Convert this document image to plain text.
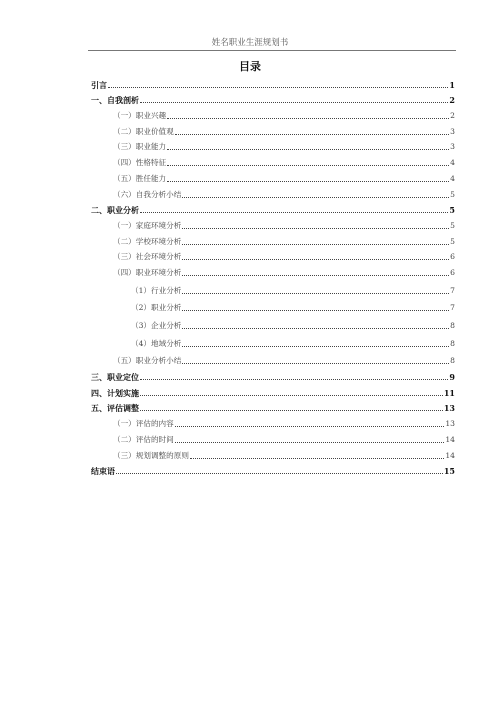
姓名职业生涯规划书
目录
引言	1
一、自我剖析	2
（一）职业兴趣	2
（二）职业价值观	3
（三）职业能力	3
（四）性格特征	4
（五）胜任能力	4
（六）自我分析小结	5
二、职业分析	5
（一）家庭环境分析	5
（二）学校环境分析	5
（三）社会环境分析	6
（四）职业环境分析	6
（1）行业分析	7
（2）职业分析	7
（3）企业分析	8
（4）地域分析	8
（五）职业分析小结	8
三、职业定位	9
四、计划实施	11
五、评估调整	13
（一）评估的内容	13
（二）评估的时间	14
（三）规划调整的原则	14
结束语	15
